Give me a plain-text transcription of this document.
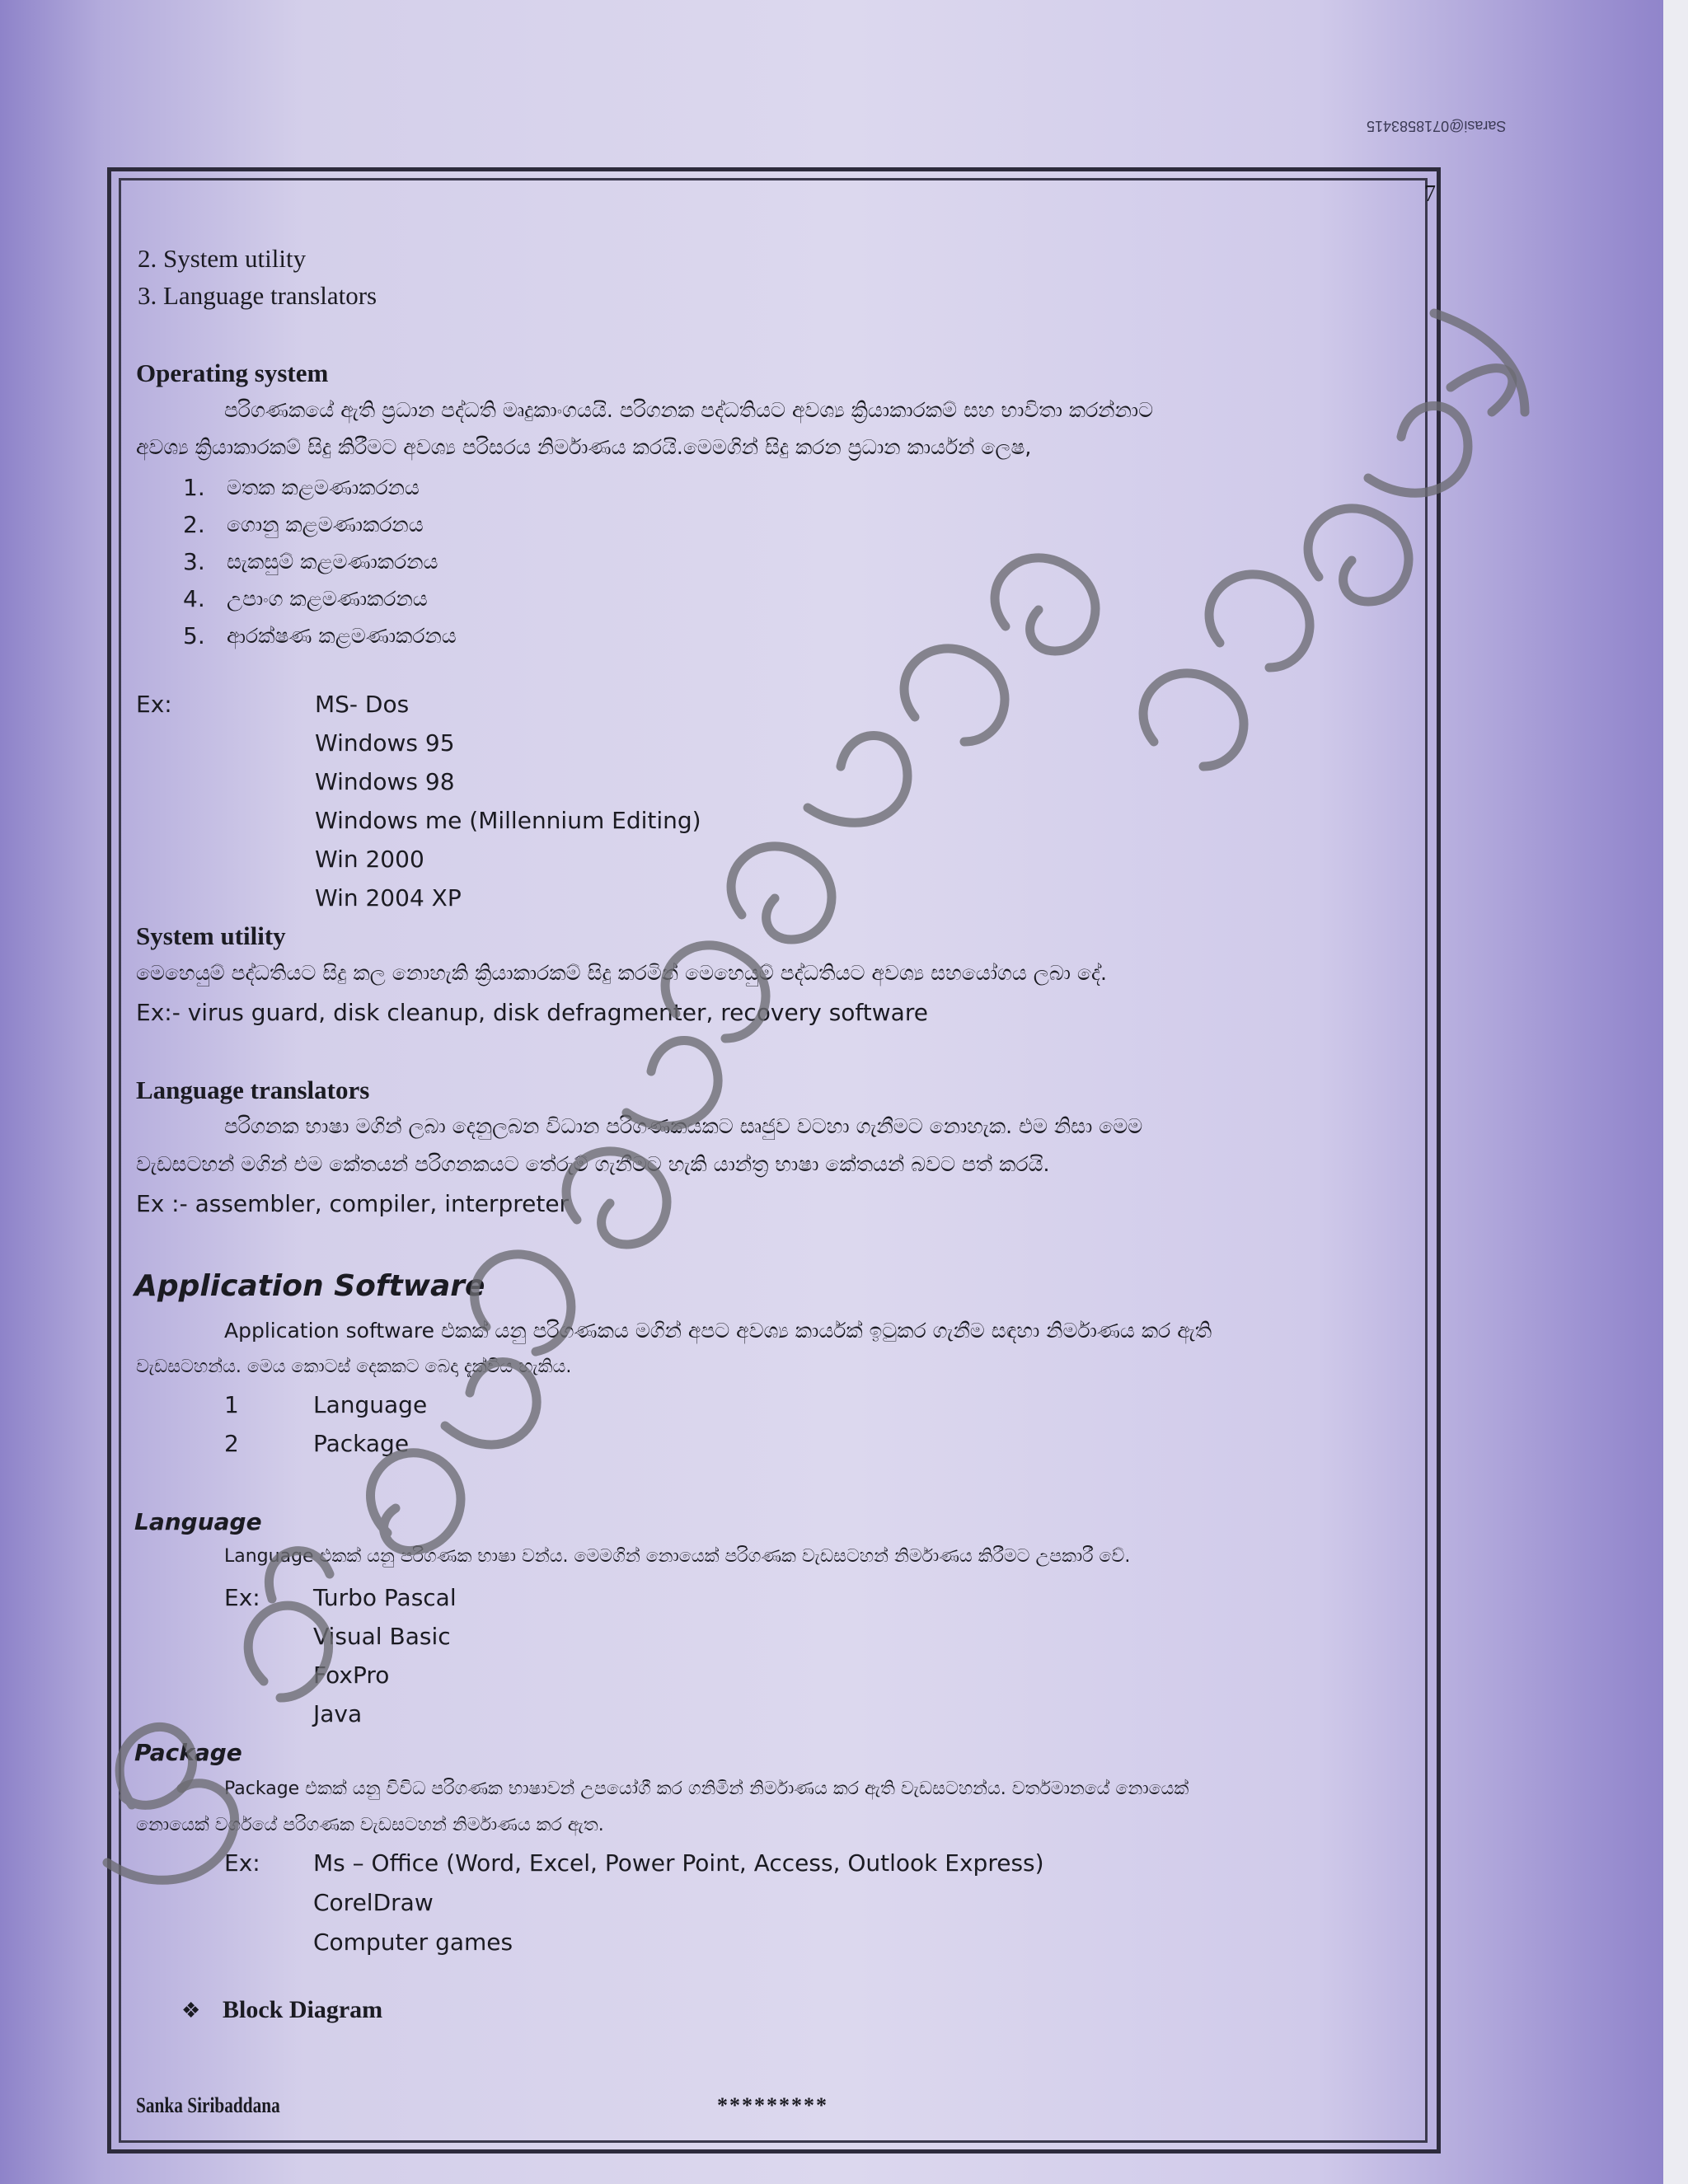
Sarasi@0718583415
7
2. System utility
3. Language translators
Operating system
පරිගණකයේ ඇති ප්‍රධාන පද්ධති මෘදුකාංගයයි. පරිගනක පද්ධතියට අවශ්‍ය ක්‍රියාකාරකම් සහ භාවිතා කරන්නාට
අවශ්‍ය ක්‍රියාකාරකම් සිදු කිරීමට අවශ්‍ය පරිසරය නිර්මාණය කරයි.මෙමගින් සිදු කරන ප්‍රධාන කාර්යන් ලෙෂ,
1. මතක කළමණාකරනය
2. ගොනු කළමණාකරනය
3. සැකසුම් කළමණාකරනය
4. උපාංග කළමණාකරනය
5. ආරක්ෂණ කළමණාකරනය
Ex:	MS- Dos
Windows 95
Windows 98
Windows me (Millennium Editing)
Win 2000
Win 2004 XP
System utility
මෙහෙයුම් පද්ධතියට සිදු කල නොහැකි ක්‍රියාකාරකම් සිදු කරමින් මෙහෙයුම් පද්ධතියට අවශ්‍ය සහයෝගය ලබා දේ.
Ex:- virus guard, disk cleanup, disk defragmenter, recovery software
Language translators
පරිගනක භාෂා මගින් ලබා දෙනුලබන විධාන පරිගණකයකට සෘජුව වටහා ගැනීමට නොහැක. එම නිසා මෙම
වැඩසටහන් මගින් එම කේතයන් පරිගනකයට තේරුම් ගැනීමට හැකි යාන්ත්‍ර භාෂා කේතයන් බවට පත් කරයි.
Ex :- assembler, compiler, interpreter
Application Software
Application software එකක් යනු පරිගණකය මගින් අපට අවශ්‍ය කාර්යක් ඉටුකර ගැනීම සඳහා නිර්මාණය කර ඇති
වැඩසටහන්ය. මෙය කොටස් දෙකකට බෙදා දැක්විය හැකිය.
1	Language
2	Package
Language
Language එකක් යනු පරිගණක භාෂා වන්ය. මෙමගින් නොයෙක් පරිගණක වැඩසටහන් නිර්මාණය කිරීමට උපකාරී වේ.
Ex: Turbo Pascal
Visual Basic
FoxPro
Java
Package
Package එකක් යනු විවිධ පරිගණක භාෂාවන් උපයෝගී කර ගනිමින් නිර්මාණය කර ඇති වැඩසටහන්ය. වර්තමානයේ නොයෙක්
නොයෙක් වර්ගයේ පරිගණක වැඩසටහන් නිර්මාණය කර ඇත.
Ex: Ms – Office (Word, Excel, Power Point, Access, Outlook Express)
CorelDraw
Computer games
❖ Block Diagram
Sanka Siribaddana	*********
දෙවෙනි පෙළ තාක්ෂණවේදය සිංහලෙන්
